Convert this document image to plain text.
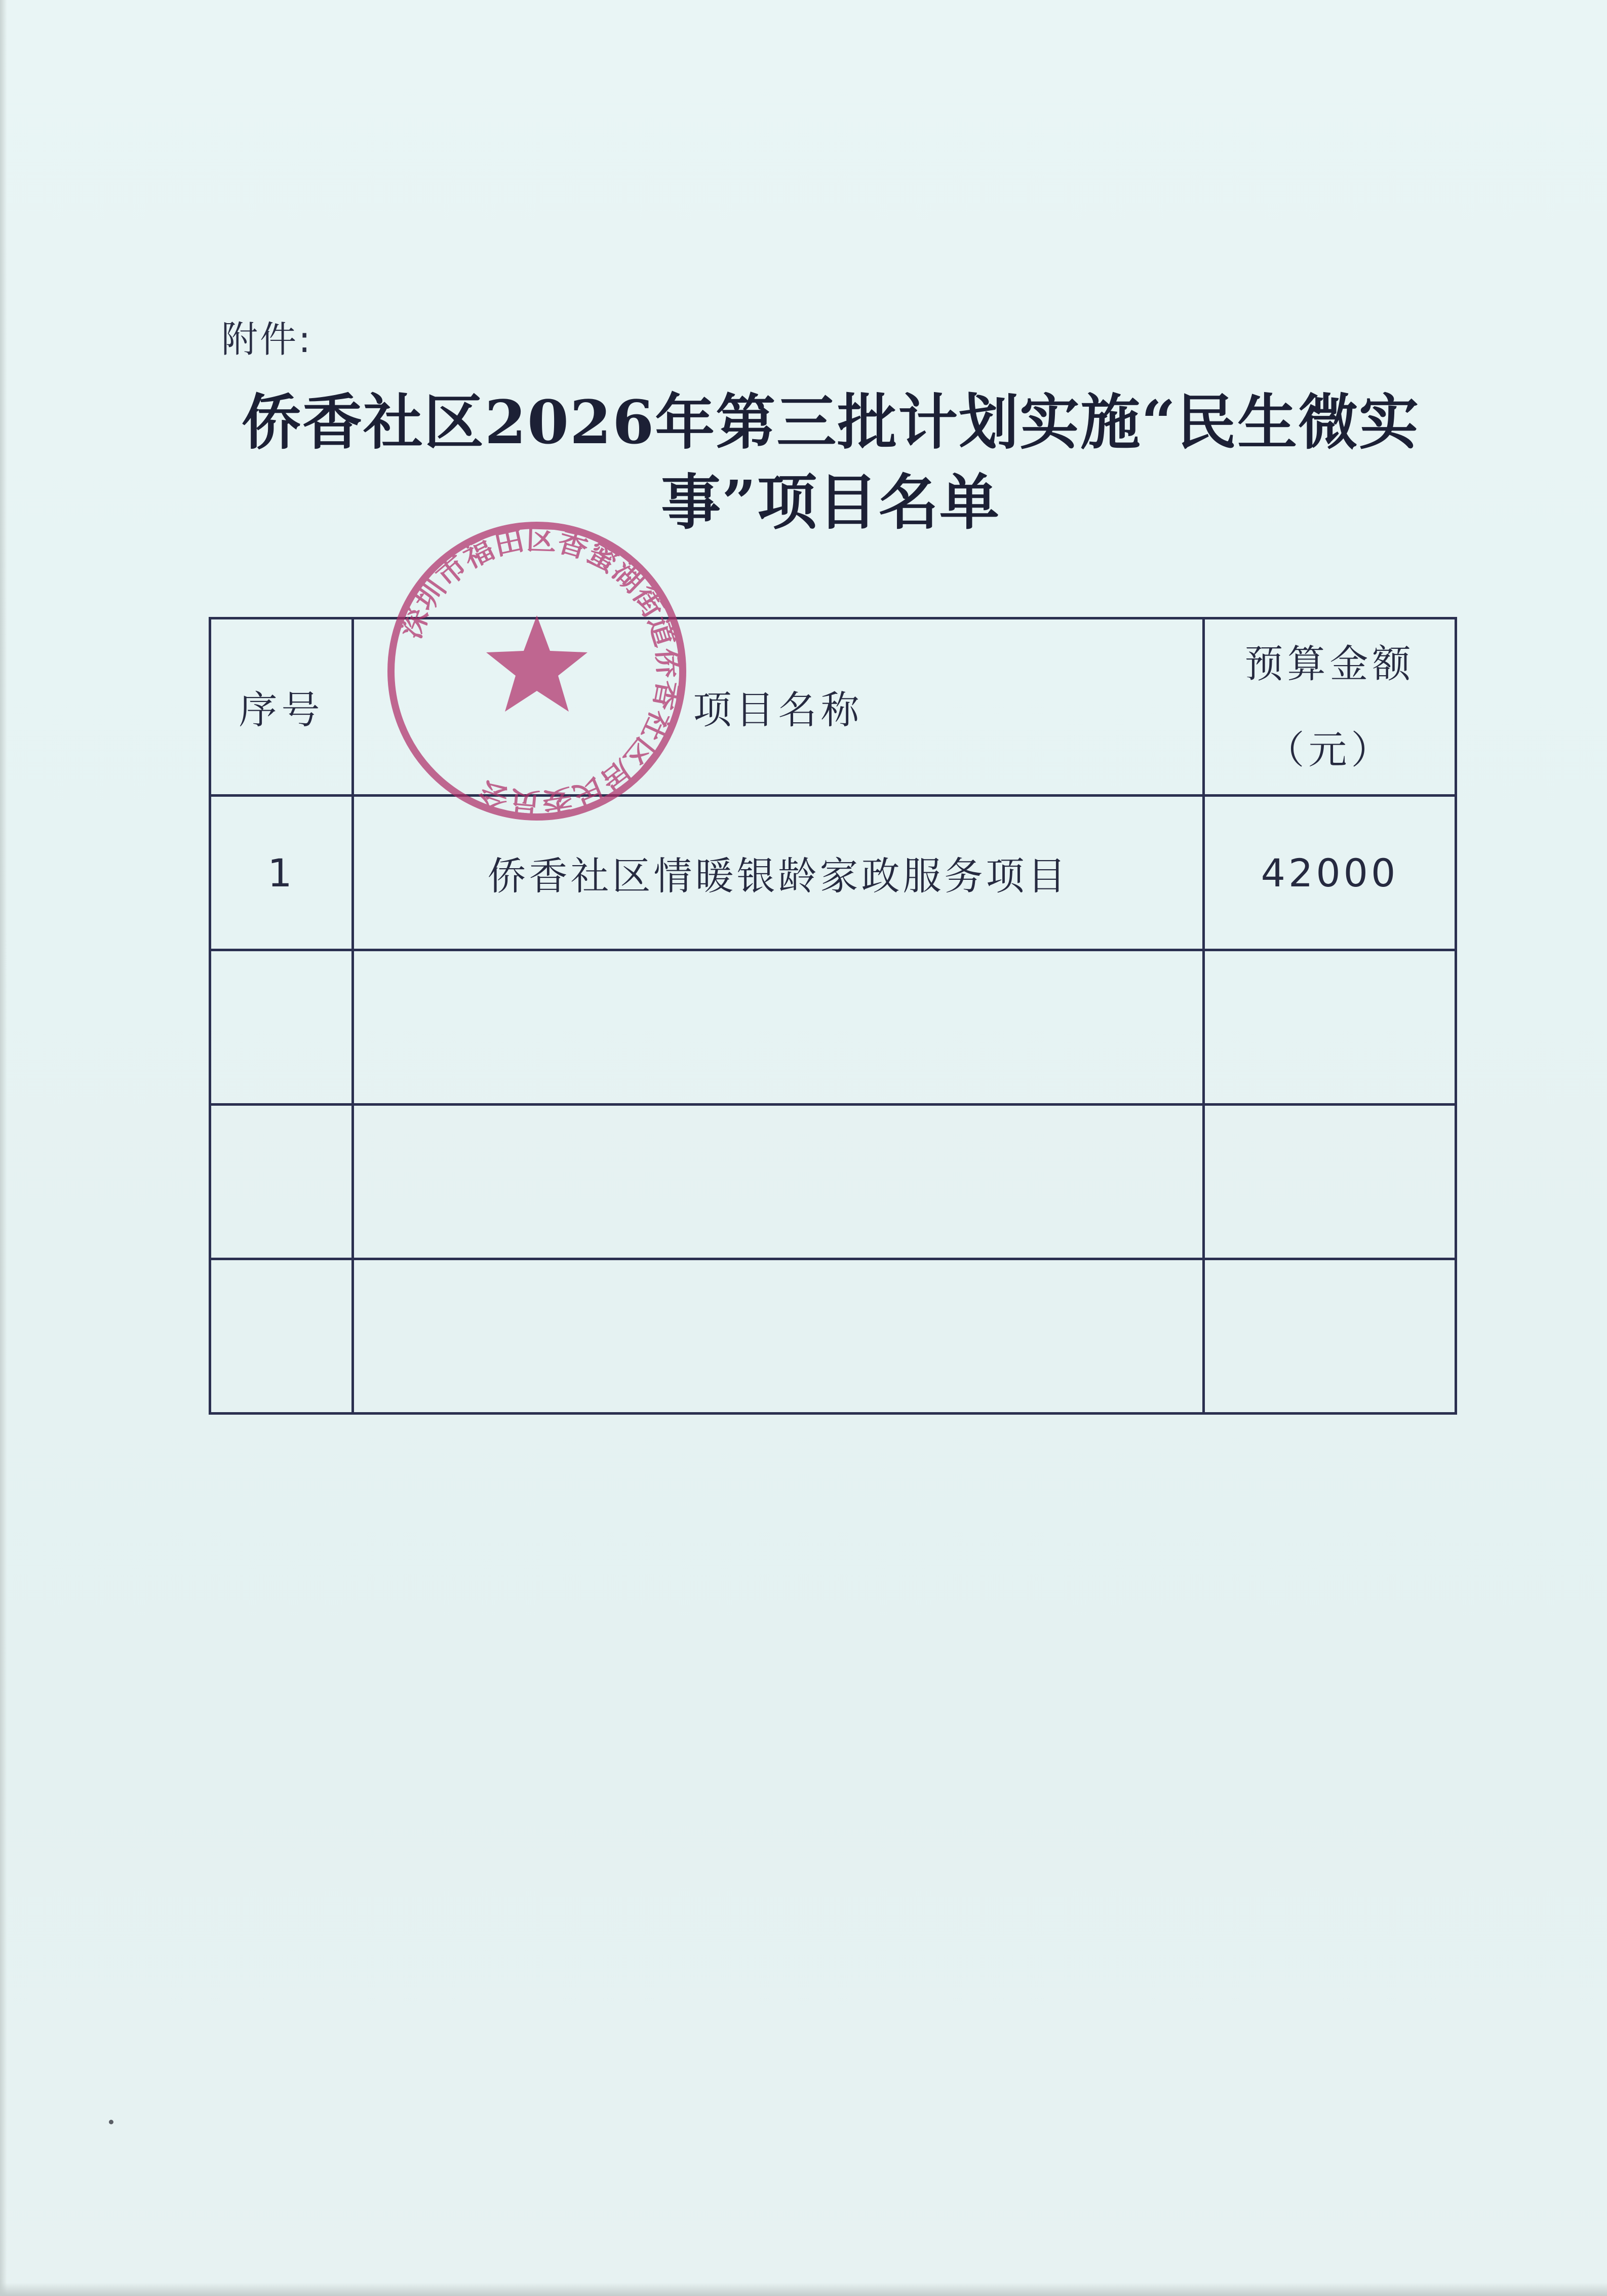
附件:
侨香社区2026年第三批计划实施“民生微实
事”项目名单
序号	项目名称	预算金额
（元）

1	侨香社区情暖银龄家政服务项目	42000

深圳市福田区香蜜湖街道侨香社区居民委员会
